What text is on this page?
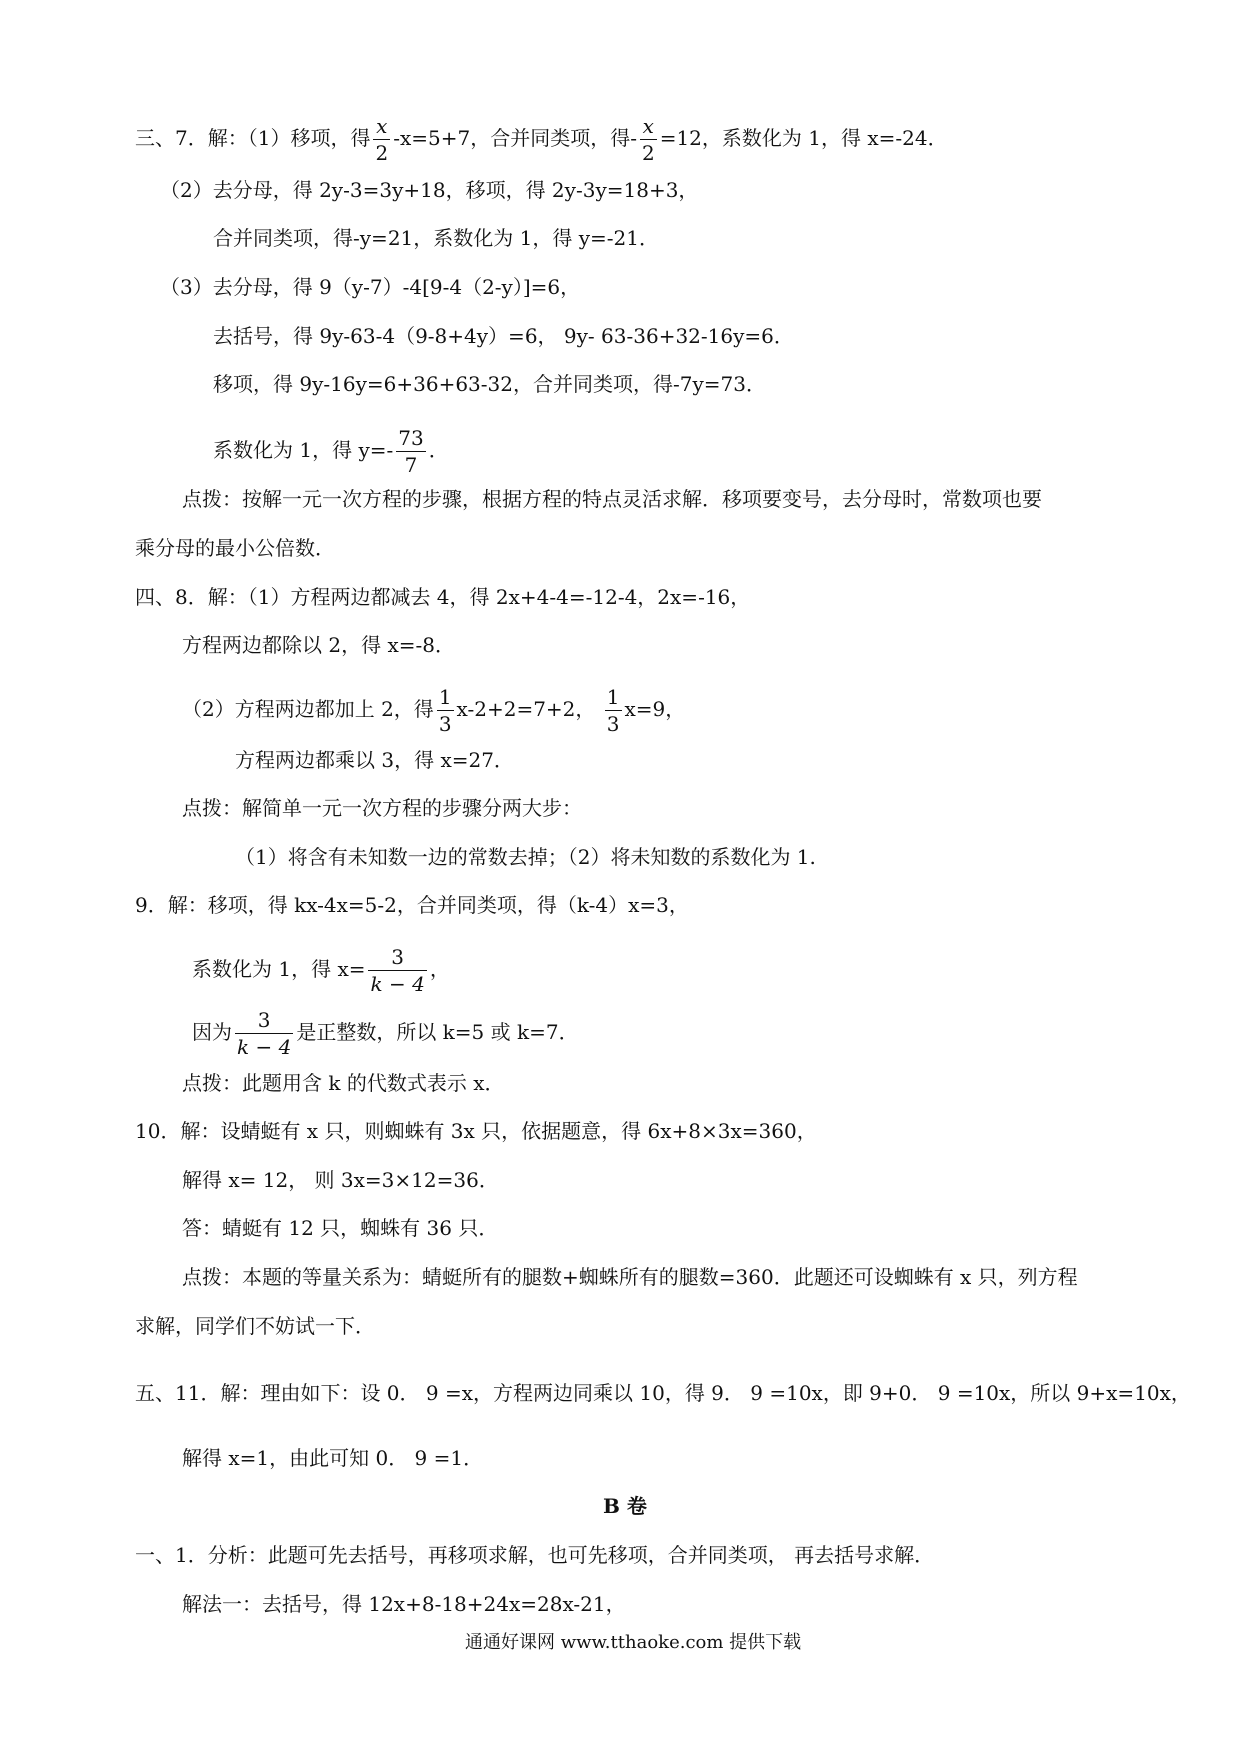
三、7．解：（1）移项，得 $\frac{x}{2} -x=5+7$，合并同类项，得- $\frac{x}{2} =12$，系数化为 1，得 x=-24．
（2）去分母，得 2y-3=3y+18，移项，得 2y-3y=18+3，
合并同类项，得-y=21，系数化为 1，得 y=-21．
（3）去分母，得 9（y-7）-4[9-4（2-y）]=6，
去括号，得 9y-63-4（9-8+4y）=6， 9y- 63-36+32-16y=6．
移项，得 9y-16y=6+36+63-32，合并同类项，得-7y=73．
系数化为 1，得 $y=- \frac{73}{7}$ ．
点拨：按解一元一次方程的步骤，根据方程的特点灵活求解．移项要变号，去分母时，常数项也要
乘分母的最小公倍数．
四、8．解：（1）方程两边都减去 4，得 2x+4-4=-12-4，2x=-16，
方程两边都除以 2，得 x=-8．
（2）方程两边都加上 2，得 $\frac{1}{3} x-2+2=7+2$， $\frac{1}{3} x=9$，
方程两边都乘以 3，得 x=27．
点拨：解简单一元一次方程的步骤分两大步：
（1）将含有未知数一边的常数去掉；（2）将未知数的系数化为 1.
9．解：移项，得 kx-4x=5-2，合并同类项，得（k-4）x=3，
系数化为 1，得 $x= \frac{3}{k - 4}$ ，
因为 $\frac{3}{k - 4}$ 是正整数，所以 k=5 或 k=7．
点拨：此题用含 k 的代数式表示 x．
10．解：设蜻蜓有 x 只，则蜘蛛有 3x 只，依据题意，得 6x+8×3x=360，
解得 x= 12， 则 3x=3×12=36．
答：蜻蜓有 12 只，蜘蛛有 36 只．
点拨：本题的等量关系为：蜻蜓所有的腿数+蜘蛛所有的腿数=360．此题还可设蜘蛛有 x 只，列方程
求解，同学们不妨试一下．
五、11．解：理由如下：设 0． 9 =x，方程两边同乘以 10，得 9． 9 =10x，即 9+0． 9 =10x，所以 9+x=10x，
解得 x=1，由此可知 0． 9 =1．
B 卷
一、1．分析：此题可先去括号，再移项求解，也可先移项，合并同类项， 再去括号求解．
解法一：去括号，得 12x+8-18+24x=28x-21，
通通好课网 www.tthaoke.com 提供下载
